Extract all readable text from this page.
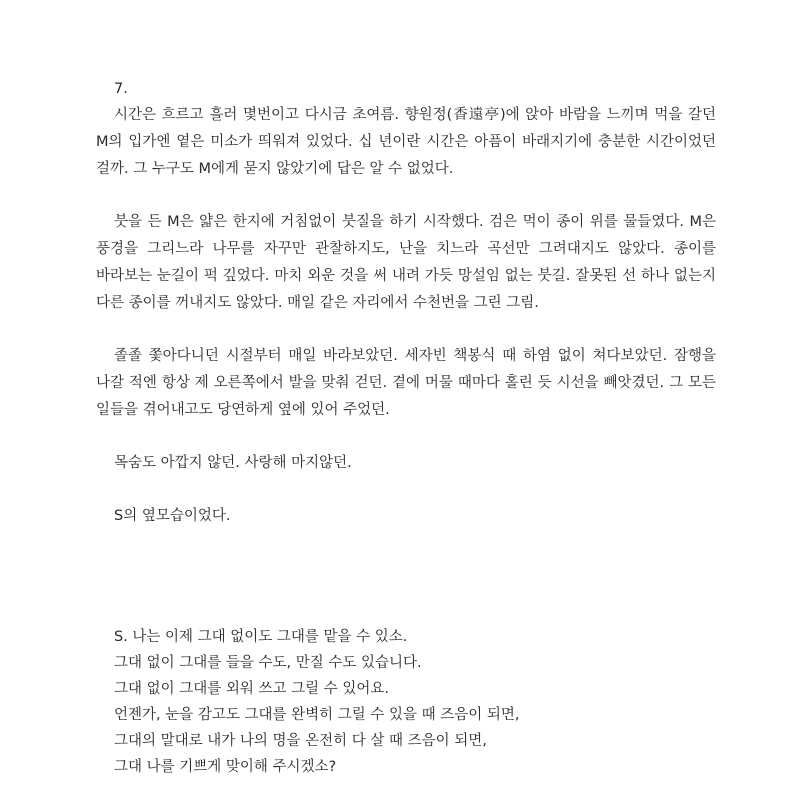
7.

시간은 흐르고 흘러 몇번이고 다시금 초여름. 향원정(香遠亭)에 앉아 바람을 느끼며 먹을 갈던 M의 입가엔 옅은 미소가 띄워져 있었다. 십 년이란 시간은 아픔이 바래지기에 충분한 시간이었던 걸까. 그 누구도 M에게 묻지 않았기에 답은 알 수 없었다.

붓을 든 M은 얇은 한지에 거침없이 붓질을 하기 시작했다. 검은 먹이 종이 위를 물들였다. M은 풍경을 그리느라 나무를 자꾸만 관찰하지도, 난을 치느라 곡선만 그려대지도 않았다. 종이를 바라보는 눈길이 퍽 깊었다. 마치 외운 것을 써 내려 가듯 망설임 없는 붓길. 잘못된 선 하나 없는지 다른 종이를 꺼내지도 않았다. 매일 같은 자리에서 수천번을 그린 그림.

졸졸 쫓아다니던 시절부터 매일 바라보았던. 세자빈 책봉식 때 하염 없이 쳐다보았던. 잠행을 나갈 적엔 항상 제 오른쪽에서 발을 맞춰 걷던. 곁에 머물 때마다 홀린 듯 시선을 빼앗겼던. 그 모든 일들을 겪어내고도 당연하게 옆에 있어 주었던.

목숨도 아깝지 않던. 사랑해 마지않던.

S의 옆모습이었다.

S. 나는 이제 그대 없이도 그대를 맡을 수 있소.

그대 없이 그대를 들을 수도, 만질 수도 있습니다.

그대 없이 그대를 외워 쓰고 그릴 수 있어요.

언젠가, 눈을 감고도 그대를 완벽히 그릴 수 있을 때 즈음이 되면,

그대의 말대로 내가 나의 명을 온전히 다 살 때 즈음이 되면,

그대 나를 기쁘게 맞이해 주시겠소?
